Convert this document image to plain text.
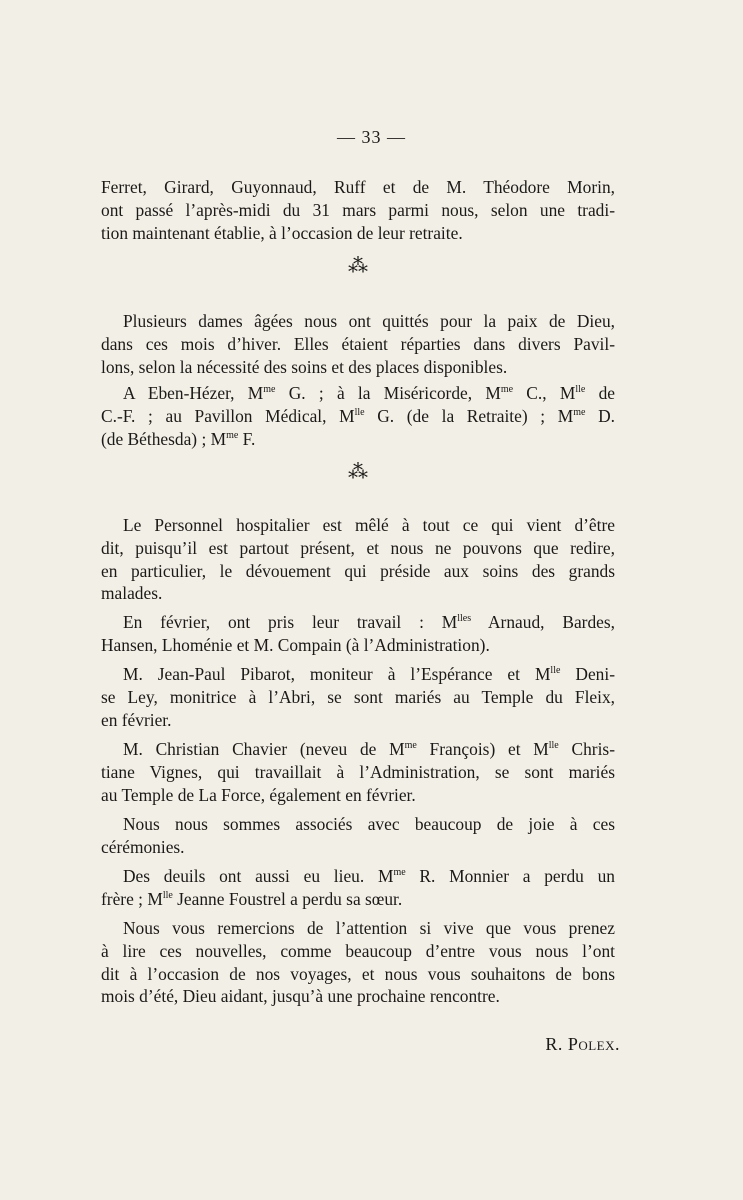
— 33 —
Ferret, Girard, Guyonnaud, Ruff et de M. Théodore Morin,
ont passé l’après-midi du 31 mars parmi nous, selon une tradi-
tion maintenant établie, à l’occasion de leur retraite.
⁂
Plusieurs dames âgées nous ont quittés pour la paix de Dieu,
dans ces mois d’hiver. Elles étaient réparties dans divers Pavil-
lons, selon la nécessité des soins et des places disponibles.
A Eben-Hézer, $M^{me}$ G. ; à la Miséricorde, $M^{me}$ C., $M^{lle}$ de
C.-F. ; au Pavillon Médical, $M^{lle}$ G. (de la Retraite) ; $M^{me}$ D.
(de Béthesda) ; $M^{me}$ F.
⁂
Le Personnel hospitalier est mêlé à tout ce qui vient d’être
dit, puisqu’il est partout présent, et nous ne pouvons que redire,
en particulier, le dévouement qui préside aux soins des grands
malades.
En février, ont pris leur travail : $M^{lles}$ Arnaud, Bardes,
Hansen, Lhoménie et M. Compain (à l’Administration).
M. Jean-Paul Pibarot, moniteur à l’Espérance et $M^{lle}$ Deni-
se Ley, monitrice à l’Abri, se sont mariés au Temple du Fleix,
en février.
M. Christian Chavier (neveu de $M^{me}$ François) et $M^{lle}$ Chris-
tiane Vignes, qui travaillait à l’Administration, se sont mariés
au Temple de La Force, également en février.
Nous nous sommes associés avec beaucoup de joie à ces
cérémonies.
Des deuils ont aussi eu lieu. $M^{me}$ R. Monnier a perdu un
frère ; $M^{lle}$ Jeanne Foustrel a perdu sa sœur.
Nous vous remercions de l’attention si vive que vous prenez
à lire ces nouvelles, comme beaucoup d’entre vous nous l’ont
dit à l’occasion de nos voyages, et nous vous souhaitons de bons
mois d’été, Dieu aidant, jusqu’à une prochaine rencontre.
R. Polex.
